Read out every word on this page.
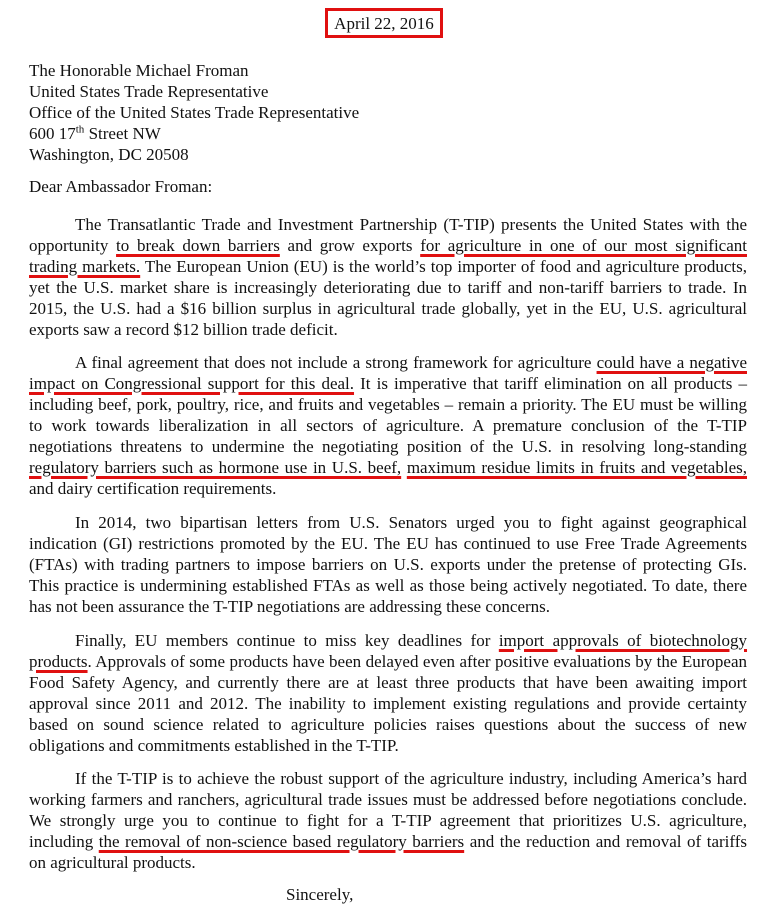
April 22, 2016
The Honorable Michael Froman
United States Trade Representative
Office of the United States Trade Representative
600 17th Street NW
Washington, DC 20508
Dear Ambassador Froman:

The Transatlantic Trade and Investment Partnership (T-TIP) presents the United States with the opportunity to break down barriers and grow exports for agriculture in one of our most significant trading markets. The European Union (EU) is the world’s top importer of food and agriculture products, yet the U.S. market share is increasingly deteriorating due to tariff and non-tariff barriers to trade. In 2015, the U.S. had a $16 billion surplus in agricultural trade globally, yet in the EU, U.S. agricultural exports saw a record $12 billion trade deficit.

A final agreement that does not include a strong framework for agriculture could have a negative impact on Congressional support for this deal. It is imperative that tariff elimination on all products – including beef, pork, poultry, rice, and fruits and vegetables – remain a priority. The EU must be willing to work towards liberalization in all sectors of agriculture. A premature conclusion of the T-TIP negotiations threatens to undermine the negotiating position of the U.S. in resolving long-standing regulatory barriers such as hormone use in U.S. beef, maximum residue limits in fruits and vegetables, and dairy certification requirements.

In 2014, two bipartisan letters from U.S. Senators urged you to fight against geographical indication (GI) restrictions promoted by the EU. The EU has continued to use Free Trade Agreements (FTAs) with trading partners to impose barriers on U.S. exports under the pretense of protecting GIs. This practice is undermining established FTAs as well as those being actively negotiated. To date, there has not been assurance the T-TIP negotiations are addressing these concerns.

Finally, EU members continue to miss key deadlines for import approvals of biotechnology products. Approvals of some products have been delayed even after positive evaluations by the European Food Safety Agency, and currently there are at least three products that have been awaiting import approval since 2011 and 2012. The inability to implement existing regulations and provide certainty based on sound science related to agriculture policies raises questions about the success of new obligations and commitments established in the T-TIP.

If the T-TIP is to achieve the robust support of the agriculture industry, including America’s hard working farmers and ranchers, agricultural trade issues must be addressed before negotiations conclude. We strongly urge you to continue to fight for a T-TIP agreement that prioritizes U.S. agriculture, including the removal of non-science based regulatory barriers and the reduction and removal of tariffs on agricultural products.

Sincerely,
